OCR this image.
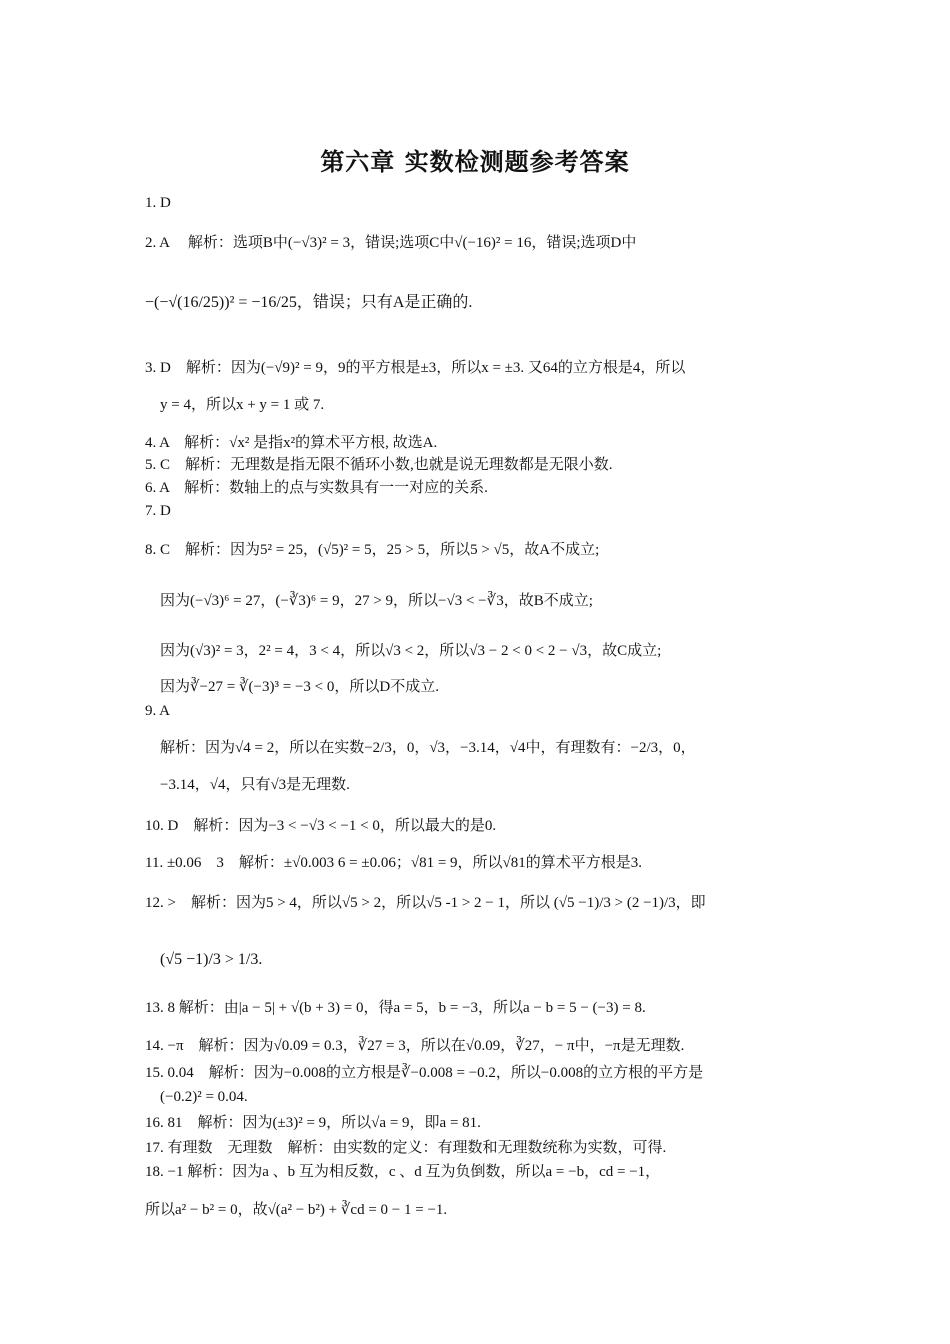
第六章 实数检测题参考答案
1. D
2. A　 解析：选项B中(−√3)² = 3，错误;选项C中√(−16)² = 16，错误;选项D中
−(−√(16/25))² = −16/25，错误；只有A是正确的.
3. D　解析：因为(−√9)² = 9，9的平方根是±3，所以x = ±3. 又64的立方根是4，所以
y = 4，所以x + y = 1 或 7.
4. A　解析：√x² 是指x²的算术平方根, 故选A.
5. C　解析：无理数是指无限不循环小数,也就是说无理数都是无限小数.
6. A　解析：数轴上的点与实数具有一一对应的关系.
7. D
8. C　解析：因为5² = 25，(√5)² = 5，25 > 5，所以5 > √5，故A不成立;
因为(−√3)⁶ = 27，(−∛3)⁶ = 9，27 > 9，所以−√3 < −∛3，故B不成立;
因为(√3)² = 3，2² = 4，3 < 4，所以√3 < 2，所以√3 − 2 < 0 < 2 − √3，故C成立;
因为∛−27 = ∛(−3)³ = −3 < 0，所以D不成立.
9. A
解析：因为√4 = 2，所以在实数−2/3，0，√3，−3.14，√4中，有理数有：−2/3，0，
−3.14，√4，只有√3是无理数.
10. D　解析：因为−3 < −√3 < −1 < 0，所以最大的是0.
11. ±0.06　3　解析：±√0.003 6 = ±0.06；√81 = 9，所以√81的算术平方根是3.
12. >　解析：因为5 > 4，所以√5 > 2，所以√5 -1 > 2 − 1，所以 (√5 −1)/3 > (2 −1)/3，即
(√5 −1)/3 > 1/3.
13. 8 解析：由|a − 5| + √(b + 3) = 0，得a = 5，b = −3，所以a − b = 5 − (−3) = 8.
14. −π　解析：因为√0.09 = 0.3，∛27 = 3，所以在√0.09，∛27，− π中，−π是无理数.
15. 0.04　解析：因为−0.008的立方根是∛−0.008 = −0.2，所以−0.008的立方根的平方是
(−0.2)² = 0.04.
16. 81　解析：因为(±3)² = 9，所以√a = 9，即a = 81.
17. 有理数　无理数　解析：由实数的定义：有理数和无理数统称为实数，可得.
18. −1 解析：因为a 、b 互为相反数，c 、d 互为负倒数，所以a = −b，cd = −1，
所以a² − b² = 0，故√(a² − b²) + ∛cd = 0 − 1 = −1.
